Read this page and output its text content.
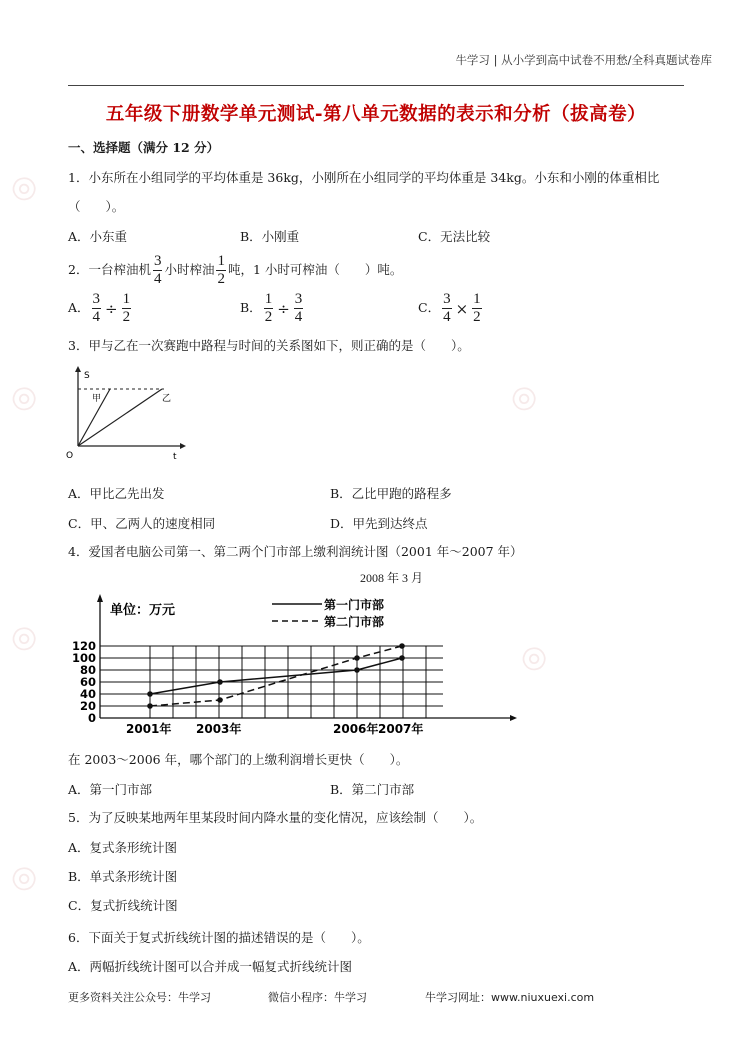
◎
◎
◎
◎
◎
◎
牛学习 | 从小学到高中试卷不用愁/全科真题试卷库
五年级下册数学单元测试-第八单元数据的表示和分析（拔高卷）
一、选择题（满分 12 分）
1．小东所在小组同学的平均体重是 36kg，小刚所在小组同学的平均体重是 34kg。小东和小刚的体重相比
（　　）。
A．小东重	B．小刚重	C．无法比较
2．一台榨油机 $\frac{3}{4}$ 小时榨油 $\frac{1}{2}$ 吨，1 小时可榨油（　　）吨。
A． $\frac{3}{4} \div \frac{1}{2}$	B． $\frac{1}{2} \div \frac{3}{4}$	C． $\frac{3}{4} \times \frac{1}{2}$
3．甲与乙在一次赛跑中路程与时间的关系图如下，则正确的是（　　）。
S
甲	乙
O	t
A．甲比乙先出发	B．乙比甲跑的路程多
C．甲、乙两人的速度相同	D．甲先到达终点
4．爱国者电脑公司第一、第二两个门市部上缴利润统计图（2001 年～2007 年）
2008 年 3 月
单位：万元	第一门市部
第二门市部
0
20
40
60
80
100
120
2001年 2003年	2006年 2007年
在 2003～2006 年，哪个部门的上缴利润增长更快（　　）。
A．第一门市部	B．第二门市部
5．为了反映某地两年里某段时间内降水量的变化情况，应该绘制（　　）。
A．复式条形统计图
B．单式条形统计图
C．复式折线统计图
6．下面关于复式折线统计图的描述错误的是（　　）。
A．两幅折线统计图可以合并成一幅复式折线统计图
更多资料关注公众号：牛学习	微信小程序：牛学习	牛学习网址：www.niuxuexi.com
